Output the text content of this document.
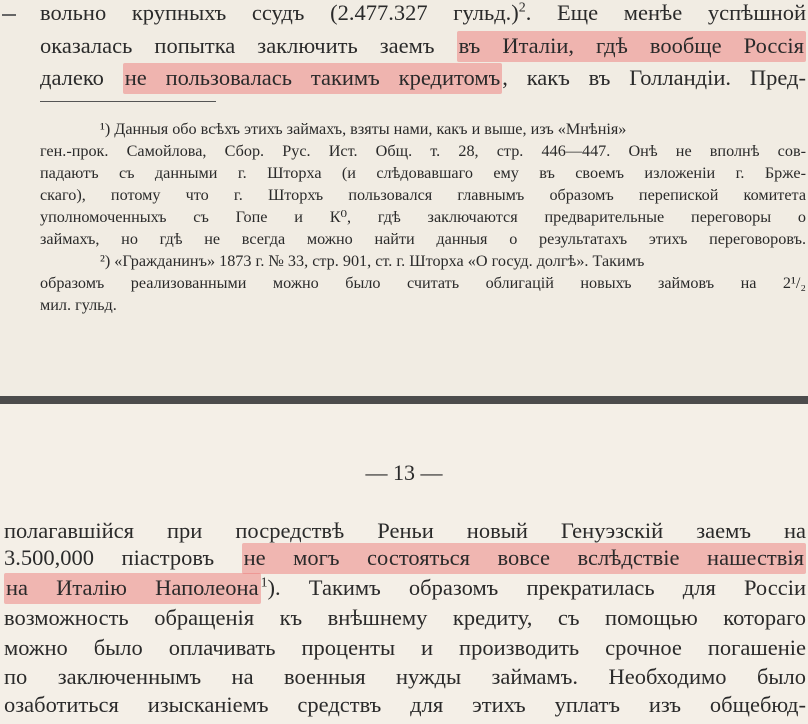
вольно крупныхъ ссудъ (2.477.327 гульд.)$^2$. Еще менѣе успѣшной
оказалась попытка заключить заемъ въ Италіи, гдѣ вообще Россія
далеко не пользовалась такимъ кредитомъ, какъ въ Голландіи. Пред-
¹) Данныя обо всѣхъ этихъ займахъ, взяты нами, какъ и выше, изъ «Мнѣнія»
ген.-прок. Самойлова, Сбор. Рус. Ист. Общ. т. 28, стр. 446—447. Онѣ не вполнѣ сов-
падаютъ съ данными г. Шторха (и слѣдовавшаго ему въ своемъ изложеніи г. Бржe-
скаго), потому что г. Шторхъ пользовался главнымъ образомъ перепиской комитета
уполномоченныхъ съ Гопе и К⁰, гдѣ заключаются предварительные переговоры о
займахъ, но гдѣ не всегда можно найти данныя о результатахъ этихъ переговоровъ.
²) «Гражданинъ» 1873 г. № 33, стр. 901, ст. г. Шторха «О госуд. долгѣ». Такимъ
образомъ реализованными можно было считать облигацій новыхъ займовъ на 2¹/₂
мил. гульд.
— 13 —
полагавшійся при посредствѣ Реньи новый Генуэзскій заемъ на
3.500,000 піастровъ не могъ состояться вовсе вслѣдствіе нашествія
на Италію Наполеона $^1$). Такимъ образомъ прекратилась для Россіи
возможность обращенія къ внѣшнему кредиту, съ помощью котораго
можно было оплачивать проценты и производить срочное погашеніе
по заключеннымъ на военныя нужды займамъ. Необходимо было
озаботиться изысканіемъ средствъ для этихъ уплатъ изъ общебюд-
